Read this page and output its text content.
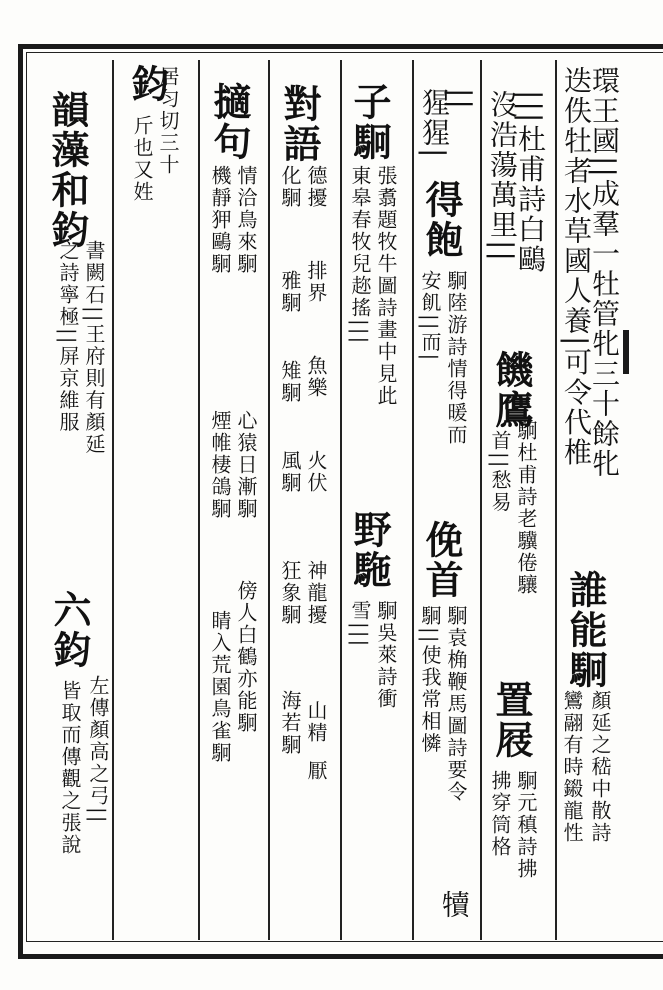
環王國||成羣一牡管牝三十餘牝
迭佚牡者水草國人養|可令代椎
誰能駉
顏延之嵇中散詩
鸞翮有時鎩龍性
|||杜甫詩白鷗
沒浩蕩萬里||
饑鷹
駉杜甫詩老驥倦驤
首||愁易
置屐
駉元稹詩拂
拂穿筒格
||
猩猩|
得飽
駉陸游詩情得暖而
安飢||而|
俛首
駉袁桷鞭馬圖詩要令
駉||使我常相憐
犢
子駉
張翥題牧牛圖詩畫中見此
東皋春牧兒趂搖|||
野駞
駉吳萊詩衝
雪|||
對語
德擾
化駉
排界
雅駉
魚樂
雉駉
火伏
風駉
神龍擾
狂象駉
山精
厭
海若駉
擿句
情洽鳥來駉
機靜狎鷗駉
心猿日漸駉
煙帷棲鴿駉
傍人白鶴亦能駉
睛入荒園鳥雀駉
鈞
居匀切三十
斤也又姓
韻藻和鈞
書闕石||王府則有顏延
之詩寧極||屏京維服
六鈞
左傳顏高之弓||
皆取而傳觀之張說
